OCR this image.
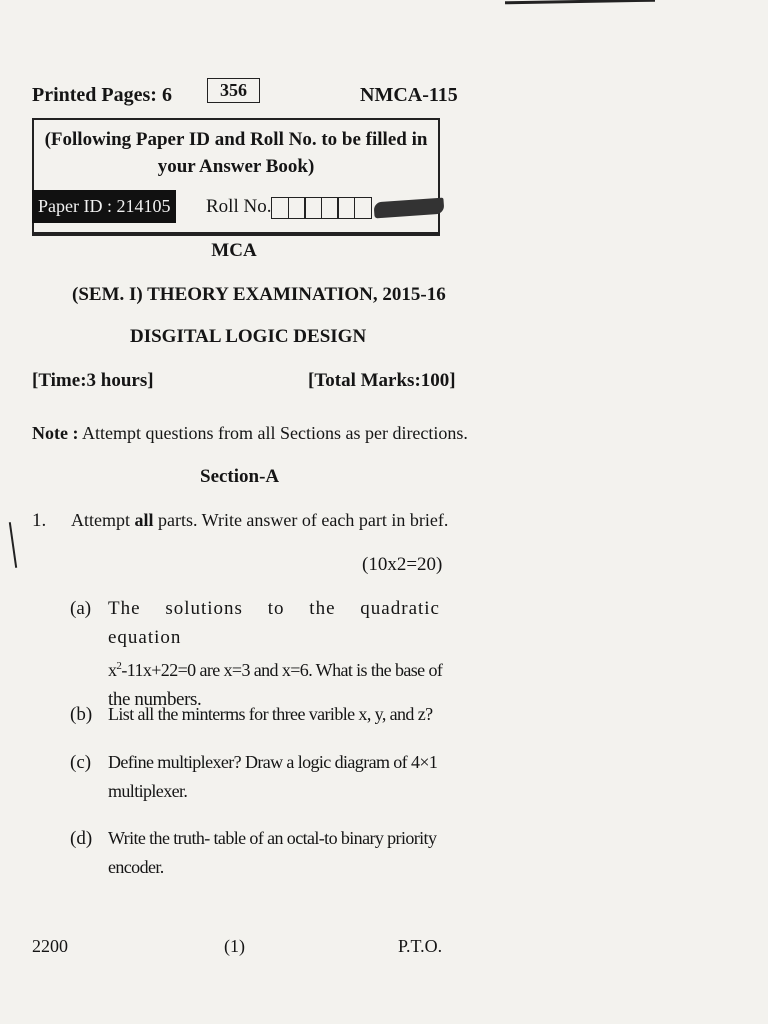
Printed Pages: 6	356	NMCA-115
(Following Paper ID and Roll No. to be filled in your Answer Book)
Paper ID : 214105	Roll No.
MCA
(SEM. I) THEORY EXAMINATION, 2015-16
DISGITAL LOGIC DESIGN
[Time:3 hours]	[Total Marks:100]
Note : Attempt questions from all Sections as per directions.
Section-A
1. Attempt all parts. Write answer of each part in brief.
(10x2=20)
(a) The solutions to the quadratic equation
$x^2-11x+22=0$ are x=3 and x=6. What is the base of
the numbers.
(b) List all the minterms for three varible x, y, and z?
(c) Define multiplexer? Draw a logic diagram of 4×1
multiplexer.
(d) Write the truth- table of an octal-to binary priority
encoder.
2200	(1)	P.T.O.
